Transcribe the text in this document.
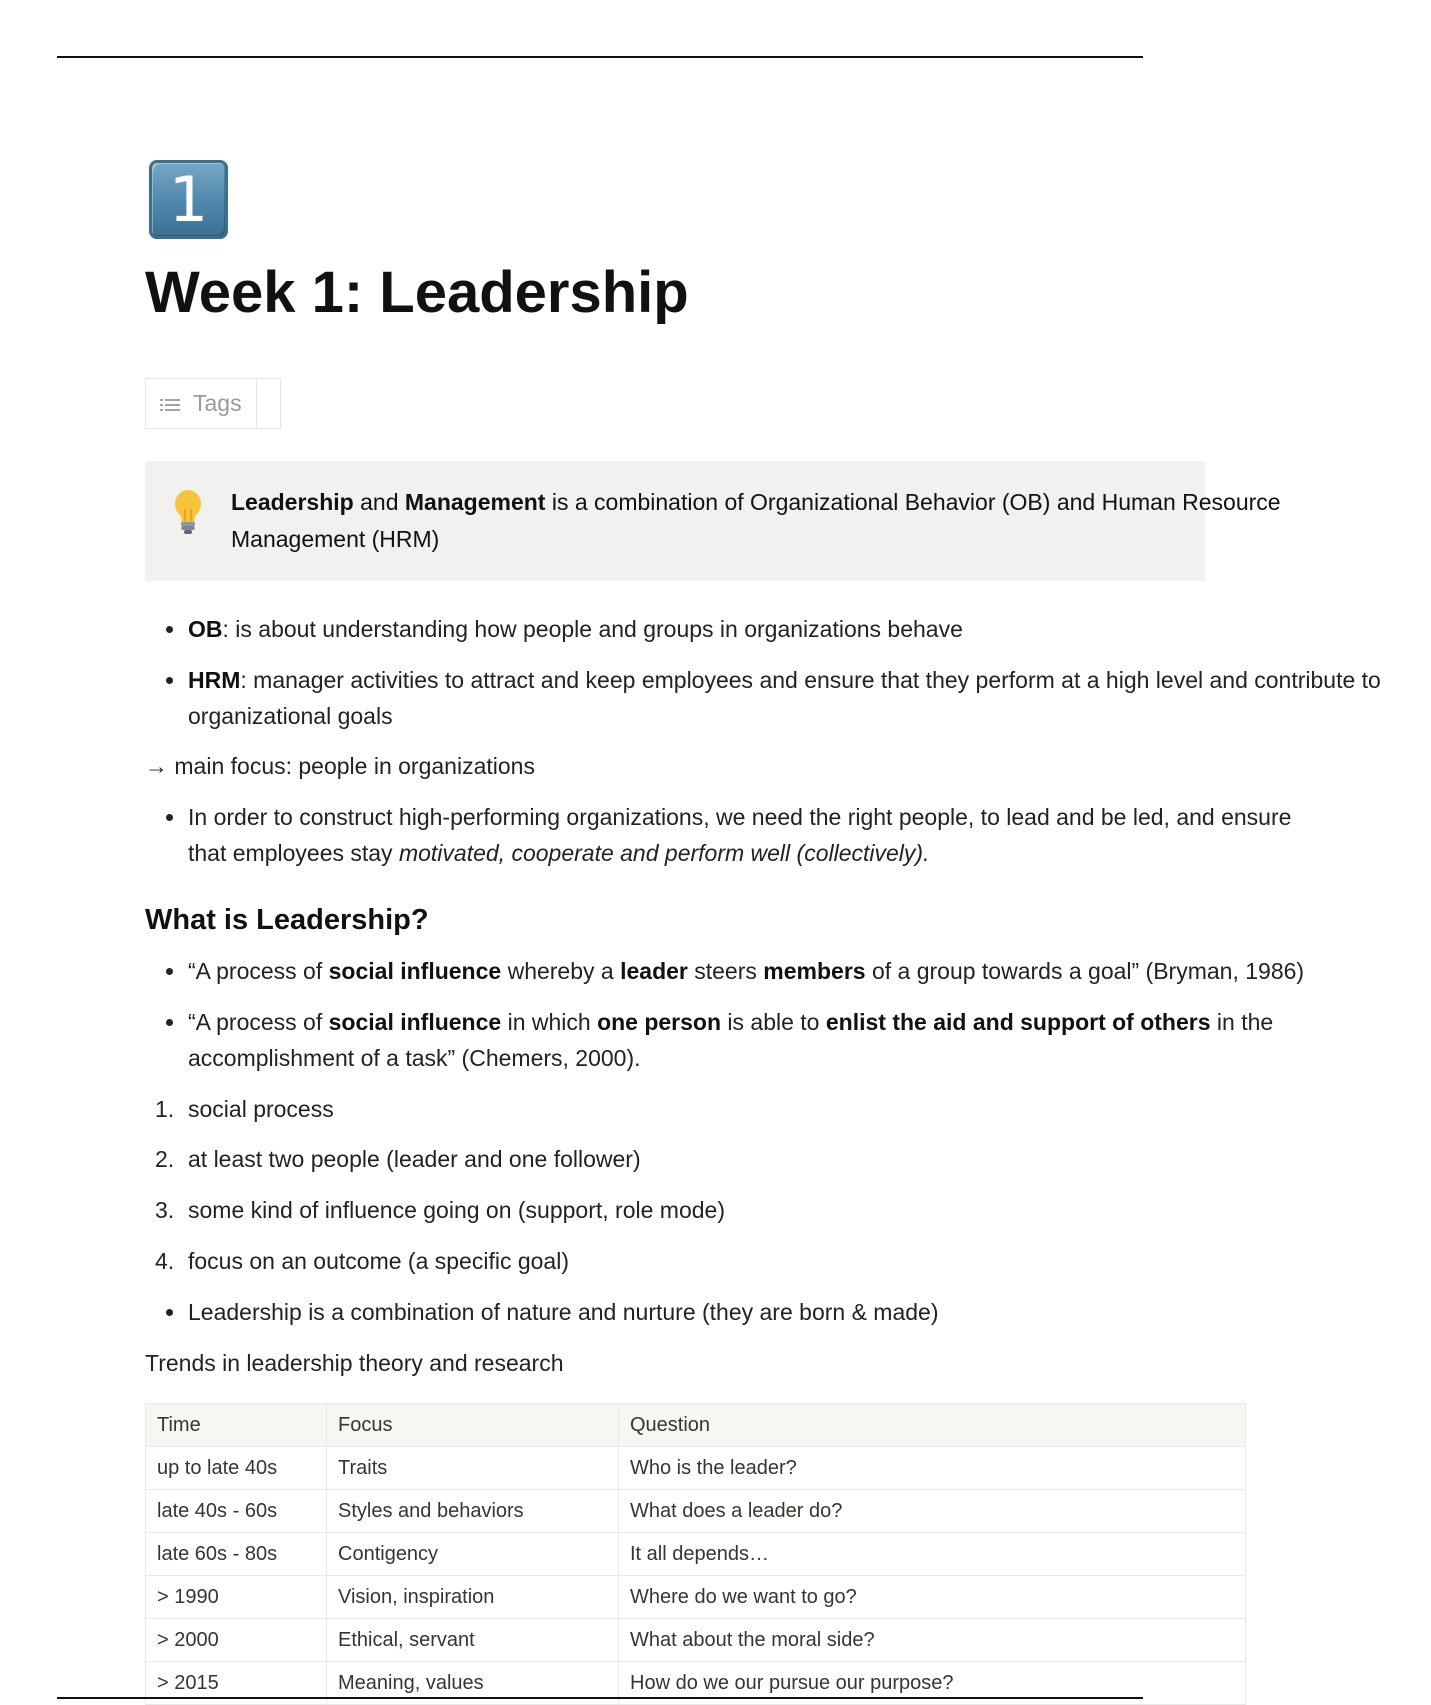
1
Week 1: Leadership
Tags
Leadership and Management is a combination of Organizational Behavior (OB) and Human Resource
Management (HRM)
OB: is about understanding how people and groups in organizations behave
HRM: manager activities to attract and keep employees and ensure that they perform at a high level and contribute to
organizational goals
→ main focus: people in organizations
In order to construct high-performing organizations, we need the right people, to lead and be led, and ensure
that employees stay motivated, cooperate and perform well (collectively).
What is Leadership?
“A process of social influence whereby a leader steers members of a group towards a goal” (Bryman, 1986)
“A process of social influence in which one person is able to enlist the aid and support of others in the
accomplishment of a task” (Chemers, 2000).
1. social process
2. at least two people (leader and one follower)
3. some kind of influence going on (support, role mode)
4. focus on an outcome (a specific goal)
Leadership is a combination of nature and nurture (they are born & made)
Trends in leadership theory and research
Time	Focus	Question
up to late 40s	Traits	Who is the leader?
late 40s - 60s	Styles and behaviors	What does a leader do?
late 60s - 80s	Contigency	It all depends…
> 1990	Vision, inspiration	Where do we want to go?
> 2000	Ethical, servant	What about the moral side?
> 2015	Meaning, values	How do we our pursue our purpose?
